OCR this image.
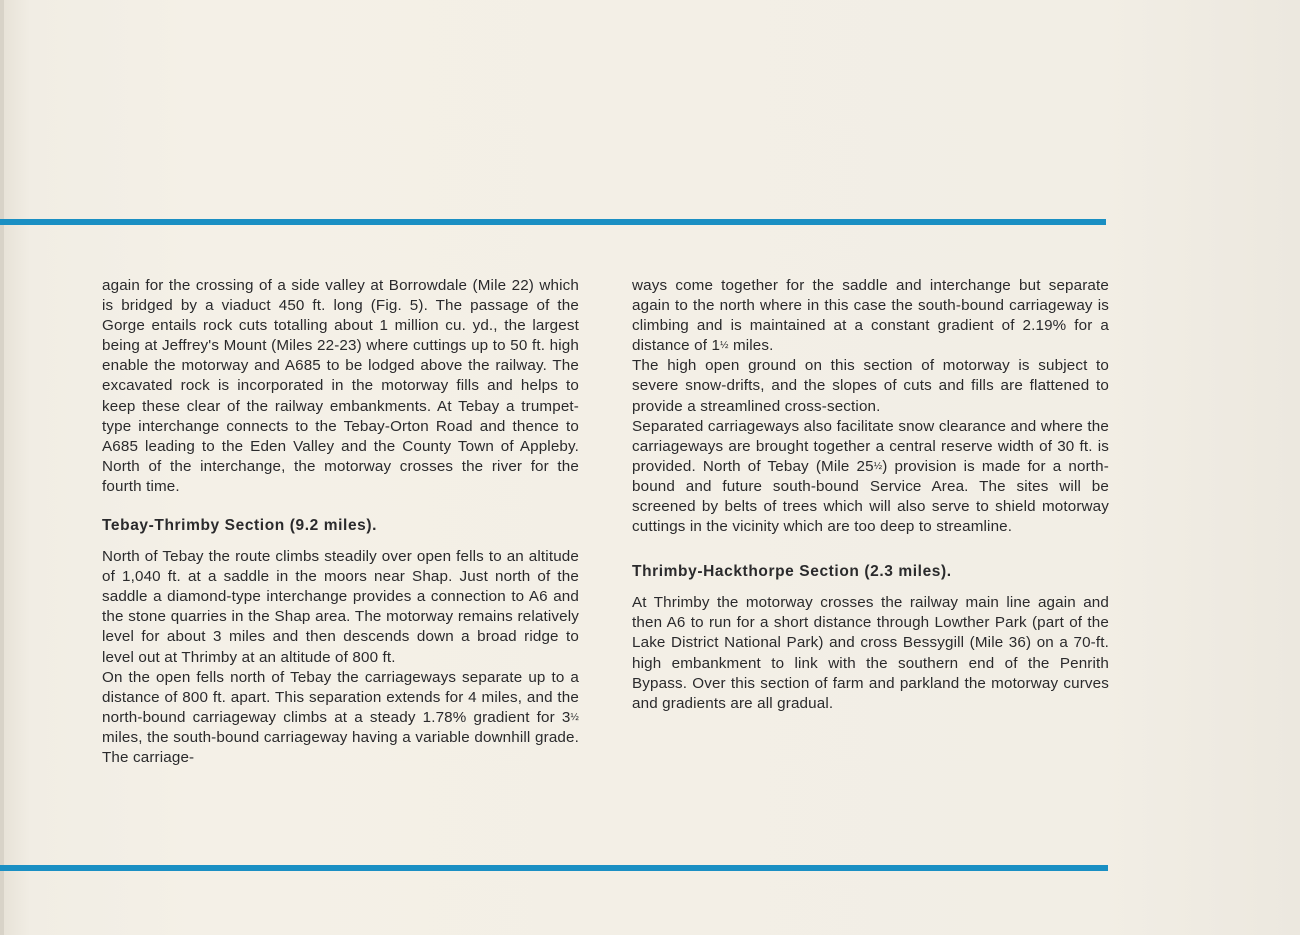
again for the crossing of a side valley at Borrowdale (Mile 22) which is bridged by a viaduct 450 ft. long (Fig. 5). The passage of the Gorge entails rock cuts totalling about 1 million cu. yd., the largest being at Jeffrey's Mount (Miles 22-23) where cuttings up to 50 ft. high enable the motorway and A685 to be lodged above the railway. The excavated rock is incorporated in the motorway fills and helps to keep these clear of the railway embankments. At Tebay a trumpet-type interchange connects to the Tebay-Orton Road and thence to A685 leading to the Eden Valley and the County Town of Appleby. North of the interchange, the motorway crosses the river for the fourth time.

Tebay-Thrimby Section (9.2 miles).

North of Tebay the route climbs steadily over open fells to an altitude of 1,040 ft. at a saddle in the moors near Shap. Just north of the saddle a diamond-type interchange provides a connection to A6 and the stone quarries in the Shap area. The motorway remains relatively level for about 3 miles and then descends down a broad ridge to level out at Thrimby at an altitude of 800 ft.

On the open fells north of Tebay the carriageways separate up to a distance of 800 ft. apart. This separation extends for 4 miles, and the north-bound carriageway climbs at a steady 1.78% gradient for 3½ miles, the south-bound carriageway having a variable downhill grade. The carriage-

ways come together for the saddle and interchange but separate again to the north where in this case the south-bound carriageway is climbing and is maintained at a constant gradient of 2.19% for a distance of 1½ miles.

The high open ground on this section of motorway is subject to severe snow-drifts, and the slopes of cuts and fills are flattened to provide a streamlined cross-section.

Separated carriageways also facilitate snow clearance and where the carriageways are brought together a central reserve width of 30 ft. is provided. North of Tebay (Mile 25½) provision is made for a north-bound and future south-bound Service Area. The sites will be screened by belts of trees which will also serve to shield motorway cuttings in the vicinity which are too deep to streamline.

Thrimby-Hackthorpe Section (2.3 miles).

At Thrimby the motorway crosses the railway main line again and then A6 to run for a short distance through Lowther Park (part of the Lake District National Park) and cross Bessygill (Mile 36) on a 70-ft. high embankment to link with the southern end of the Penrith Bypass. Over this section of farm and parkland the motorway curves and gradients are all gradual.
